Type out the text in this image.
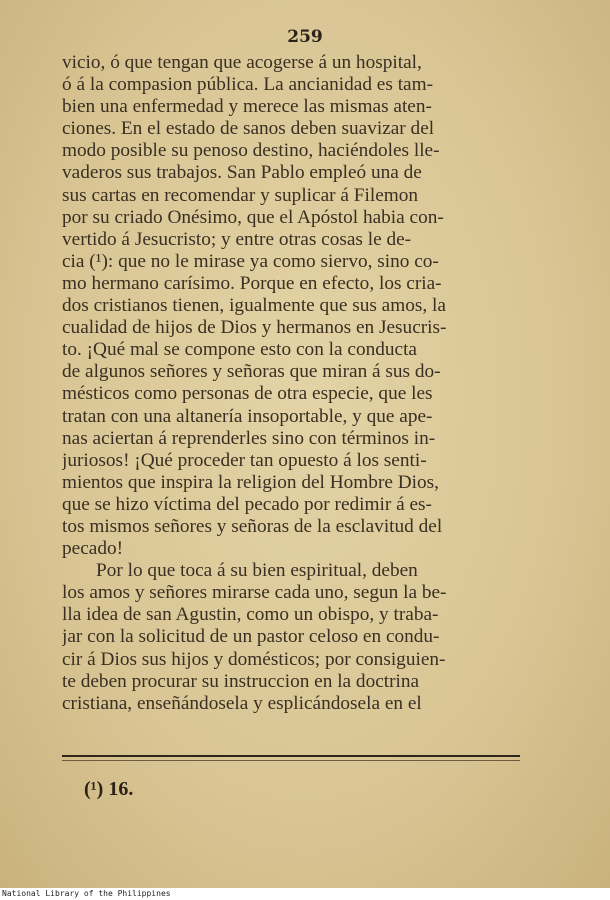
259
vicio, ó que tengan que acogerse á un hospital,
ó á la compasion pública. La ancianidad es tam-
bien una enfermedad y merece las mismas aten-
ciones. En el estado de sanos deben suavizar del
modo posible su penoso destino, haciéndoles lle-
vaderos sus trabajos. San Pablo empleó una de
sus cartas en recomendar y suplicar á Filemon
por su criado Onésimo, que el Apóstol habia con-
vertido á Jesucristo; y entre otras cosas le de-
cia (¹): que no le mirase ya como siervo, sino co-
mo hermano carísimo. Porque en efecto, los cria-
dos cristianos tienen, igualmente que sus amos, la
cualidad de hijos de Dios y hermanos en Jesucris-
to. ¡Qué mal se compone esto con la conducta
de algunos señores y señoras que miran á sus do-
mésticos como personas de otra especie, que les
tratan con una altanería insoportable, y que ape-
nas aciertan á reprenderles sino con términos in-
juriosos! ¡Qué proceder tan opuesto á los senti-
mientos que inspira la religion del Hombre Dios,
que se hizo víctima del pecado por redimir á es-
tos mismos señores y señoras de la esclavitud del
pecado!
Por lo que toca á su bien espiritual, deben
los amos y señores mirarse cada uno, segun la be-
lla idea de san Agustin, como un obispo, y traba-
jar con la solicitud de un pastor celoso en condu-
cir á Dios sus hijos y domésticos; por consiguien-
te deben procurar su instruccion en la doctrina
cristiana, enseñándosela y esplicándosela en el
(¹) 16.
National Library of the Philippines
